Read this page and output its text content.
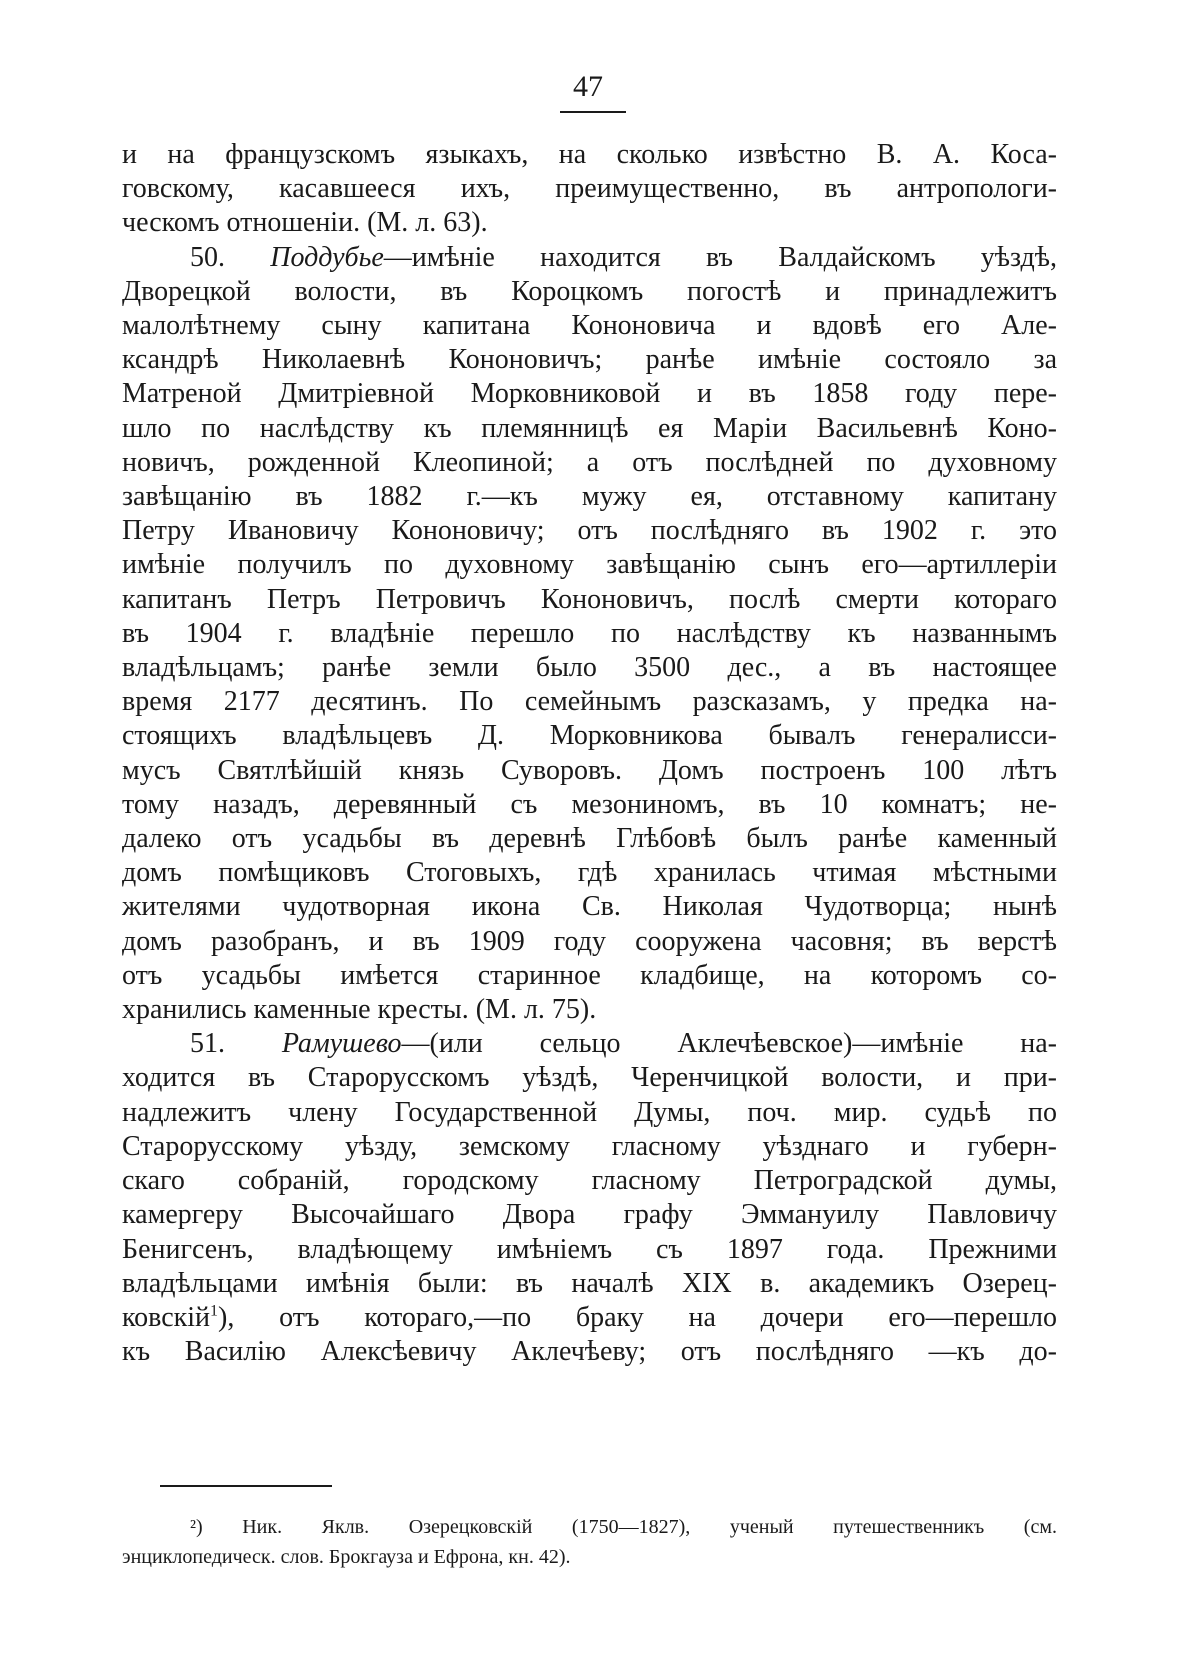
47
и на французскомъ языкахъ, на сколько извѣстно В. А. Коса-
говскому, касавшееся ихъ, преимущественно, въ антропологи-
ческомъ отношеніи. (М. л. 63).
50. Поддубье—имѣніе находится въ Валдайскомъ уѣздѣ,
Дворецкой волости, въ Короцкомъ погостѣ и принадлежитъ
малолѣтнему сыну капитана Кононовича и вдовѣ его Але-
ксандрѣ Николаевнѣ Кононовичъ; ранѣе имѣніе состояло за
Матреной Дмитріевной Морковниковой и въ 1858 году пере-
шло по наслѣдству къ племянницѣ ея Маріи Васильевнѣ Коно-
новичъ, рожденной Клеопиной; а отъ послѣдней по духовному
завѣщанію въ 1882 г.—къ мужу ея, отставному капитану
Петру Ивановичу Кононовичу; отъ послѣдняго въ 1902 г. это
имѣніе получилъ по духовному завѣщанію сынъ его—артиллеріи
капитанъ Петръ Петровичъ Кононовичъ, послѣ смерти котораго
въ 1904 г. владѣніе перешло по наслѣдству къ названнымъ
владѣльцамъ; ранѣе земли было 3500 дес., а въ настоящее
время 2177 десятинъ. По семейнымъ разсказамъ, у предка на-
стоящихъ владѣльцевъ Д. Морковникова бывалъ генералисси-
мусъ Святлѣйшій князь Суворовъ. Домъ построенъ 100 лѣтъ
тому назадъ, деревянный съ мезониномъ, въ 10 комнатъ; не-
далеко отъ усадьбы въ деревнѣ Глѣбовѣ былъ ранѣе каменный
домъ помѣщиковъ Стоговыхъ, гдѣ хранилась чтимая мѣстными
жителями чудотворная икона Св. Николая Чудотворца; нынѣ
домъ разобранъ, и въ 1909 году сооружена часовня; въ верстѣ
отъ усадьбы имѣется старинное кладбище, на которомъ со-
хранились каменные кресты. (М. л. 75).
51. Рамушево—(или сельцо Аклечѣевское)—имѣніе на-
ходится въ Старорусскомъ уѣздѣ, Черенчицкой волости, и при-
надлежитъ члену Государственной Думы, поч. мир. судьѣ по
Старорусскому уѣзду, земскому гласному уѣзднаго и губерн-
скаго собраній, городскому гласному Петроградской думы,
камергеру Высочайшаго Двора графу Эммануилу Павловичу
Бенигсенъ, владѣющему имѣніемъ съ 1897 года. Прежними
владѣльцами имѣнія были: въ началѣ XIX в. академикъ Озерец-
ковскій$^1$), отъ котораго,—по браку на дочери его—перешло
къ Василію Алексѣевичу Аклечѣеву; отъ послѣдняго —къ до-
²) Ник. Яклв. Озерецковскій (1750—1827), ученый путешественникъ (см.
энциклопедическ. слов. Брокгауза и Ефрона, кн. 42).
